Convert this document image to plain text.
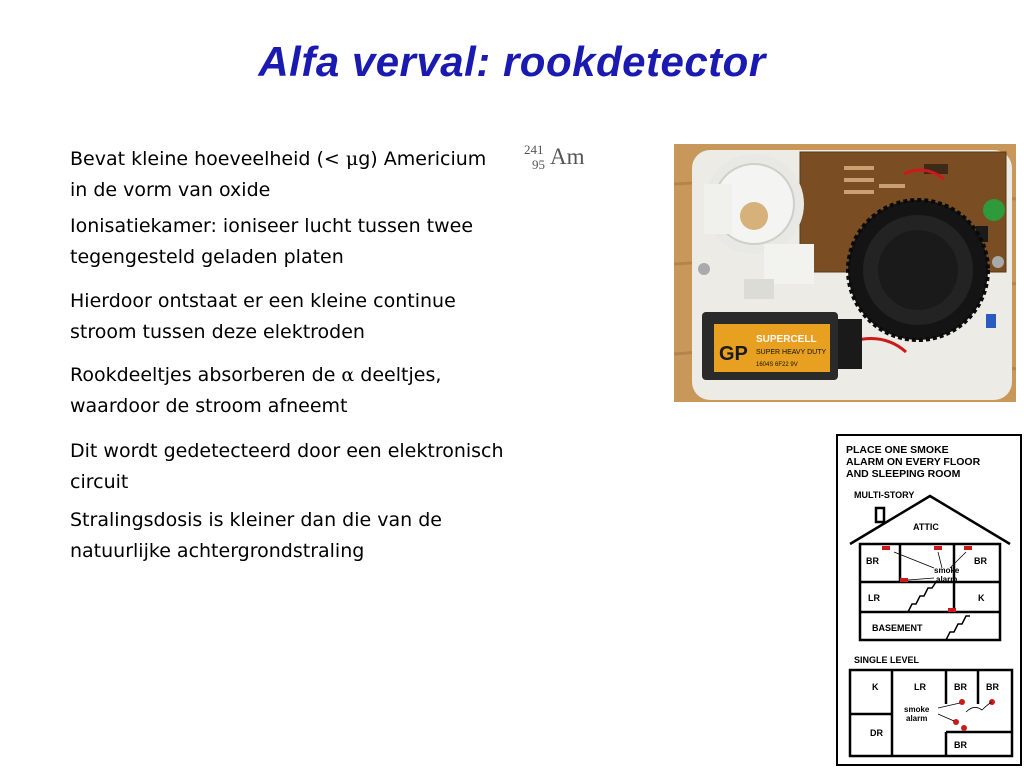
Alfa verval: rookdetector
Bevat kleine hoeveelheid (< μg) Americium
in de vorm van oxide
241
95 Am
Ionisatiekamer: ioniseer lucht tussen twee
tegengesteld geladen platen
Hierdoor ontstaat er een kleine continue
stroom tussen deze elektroden
Rookdeeltjes absorberen de α deeltjes,
waardoor de stroom afneemt
Dit wordt gedetecteerd door een elektronisch
circuit
Stralingsdosis is kleiner dan die van de
natuurlijke achtergrondstraling
GP
SUPERCELL
SUPER HEAVY DUTY
1604S 6F22 9V
PLACE ONE SMOKE
ALARM ON EVERY FLOOR
AND SLEEPING ROOM
MULTI-STORY
ATTIC
BR	BR
LR	K
BASEMENT
smoke
alarm
SINGLE LEVEL
K	LR	BR BR
DR
BR
smoke
alarm
